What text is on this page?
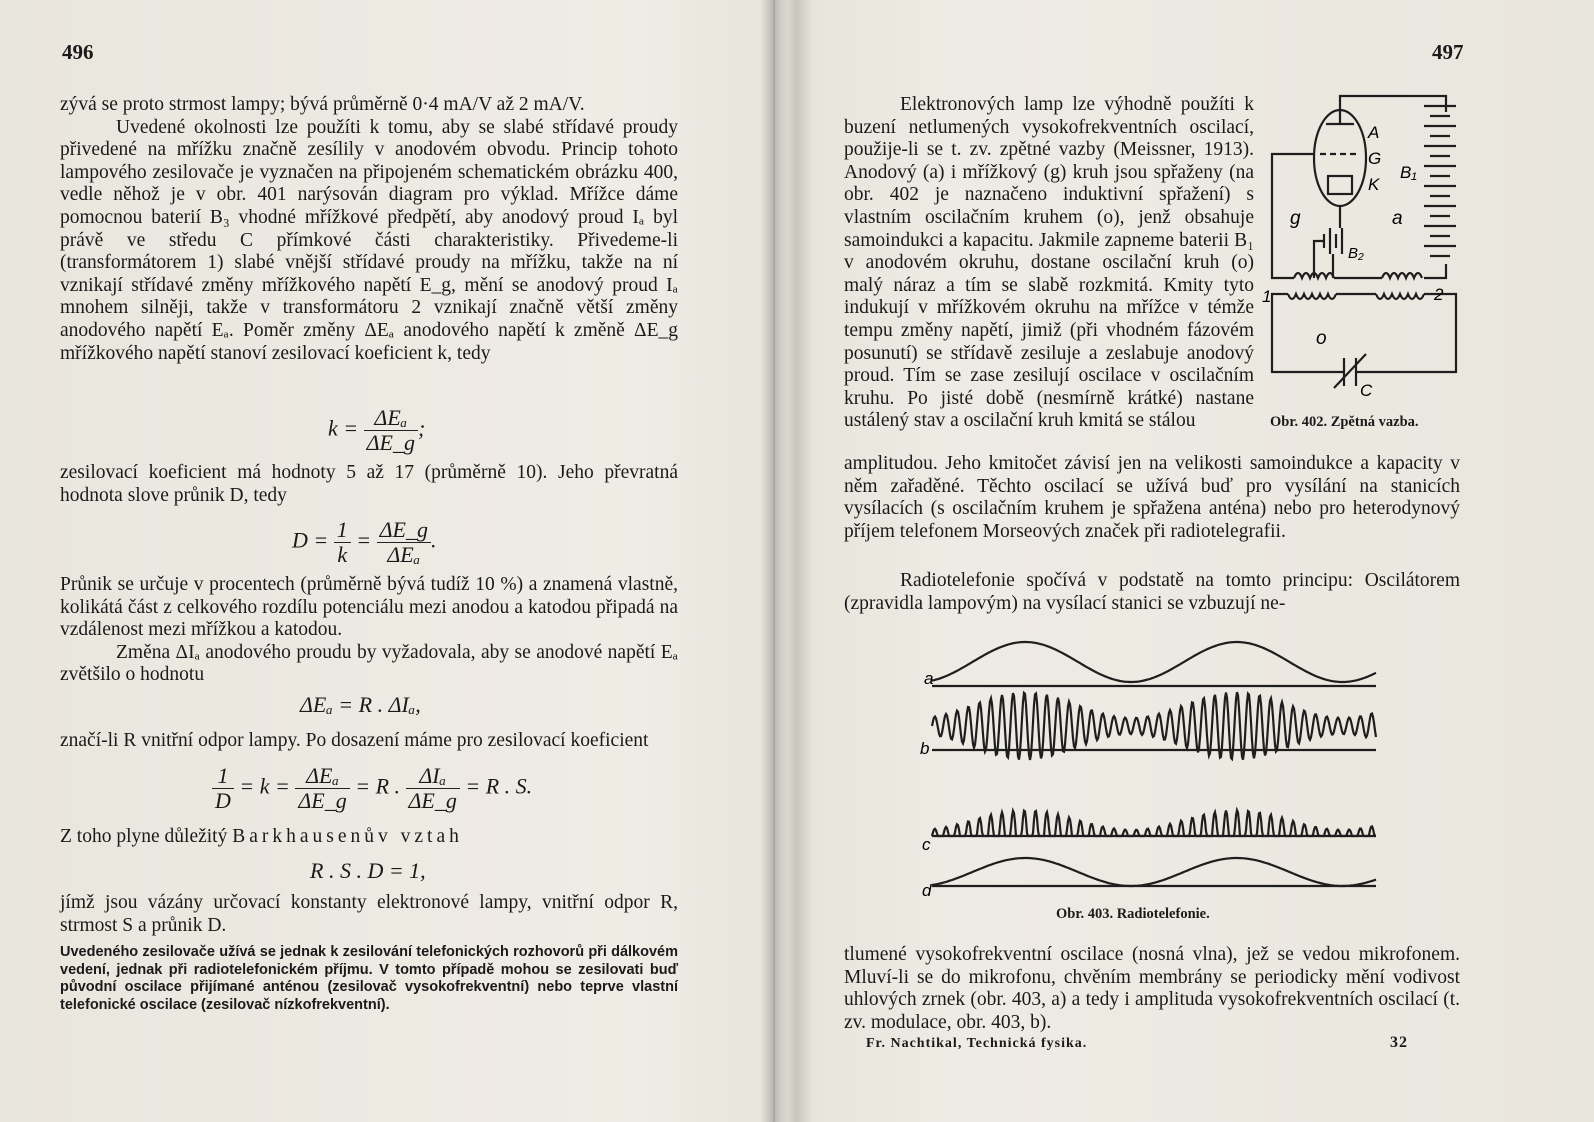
496

zývá se proto strmost lampy; bývá průměrně 0·4 mA/V až 2 mA/V.

Uvedené okolnosti lze použíti k tomu, aby se slabé střídavé proudy přivedené na mřížku značně zesílily v anodovém obvodu. Princip tohoto lampového zesilovače je vyznačen na připojeném schematickém obrázku 400, vedle něhož je v obr. 401 narýsován diagram pro výklad. Mřížce dáme pomocnou baterií B₃ vhodné mřížkové předpětí, aby anodový proud Iₐ byl právě ve středu C přímkové části charakteristiky. Přivedeme-li (transformátorem 1) slabé vnější střídavé proudy na mřížku, takže na ní vznikají střídavé změny mřížkového napětí E_g, mění se anodový proud Iₐ mnohem silněji, takže v transformátoru 2 vznikají značně větší změny anodového napětí Eₐ. Poměr změny ΔEₐ anodového napětí k změně ΔE_g mřížkového napětí stanoví zesilovací koeficient k, tedy

$k = \frac{\text{ΔEₐ}}{\Delta E\_g}$ ;
zesilovací koeficient má hodnoty 5 až 17 (průměrně 10). Jeho převratná hodnota slove průnik D, tedy
$D = \frac{1}{k} = \frac{\Delta E\_g}{\text{ΔEₐ}}$ .

Průnik se určuje v procentech (průměrně bývá tudíž 10 %) a znamená vlastně, kolikátá část z celkového rozdílu potenciálu mezi anodou a katodou připadá na vzdálenost mezi mřížkou a katodou.

Změna ΔIₐ anodového proudu by vyžadovala, aby se anodové napětí Eₐ zvětšilo o hodnotu

ΔEₐ = R . ΔIₐ,
značí-li R vnitřní odpor lampy. Po dosazení máme pro zesilovací koeficient
$\frac{1}{D} = k = \frac{\text{ΔEₐ}}{\Delta E\_g} = R$ . $\frac{\text{ΔIₐ}}{\Delta E\_g} = R$ . S.
Z toho plyne důležitý Barkhausenův vztah
R . S . D = 1,
jímž jsou vázány určovací konstanty elektronové lampy, vnitřní odpor R, strmost S a průnik D.
Uvedeného zesilovače užívá se jednak k zesilování telefonických rozhovorů při dálkovém vedení, jednak při radiotelefonickém příjmu. V tomto případě mohou se zesilovati buď původní oscilace přijímané anténou (zesilovač vysokofrekventní) nebo teprve vlastní telefonické oscilace (zesilovač nízkofrekventní).
497

Elektronových lamp lze výhodně použíti k buzení netlumených vysokofrekventních oscilací, použije-li se t. zv. zpětné vazby (Meissner, 1913). Anodový (a) i mřížkový (g) kruh jsou spřaženy (na obr. 402 je naznačeno induktivní spřažení) s vlastním oscilačním kruhem (o), jenž obsahuje samoindukci a kapacitu. Jakmile zapneme baterii B₁ v anodovém okruhu, dostane oscilační kruh (o) malý náraz a tím se slabě rozkmitá. Kmity tyto indukují v mřížkovém okruhu na mřížce v témže tempu změny napětí, jimiž (při vhodném fázovém posunutí) se střídavě zesiluje a zeslabuje anodový proud. Tím se zase zesilují oscilace v oscilačním kruhu. Po jisté době (nesmírně krátké) nastane ustálený stav a oscilační kruh kmitá se stálou

A
G
K
B₁
B₂
g	a
o
C
1	2
Obr. 402. Zpětná vazba.
amplitudou. Jeho kmitočet závisí jen na velikosti samoindukce a kapacity v něm zařaděné. Těchto oscilací se užívá buď pro vysílání na stanicích vysílacích (s oscilačním kruhem je spřažena anténa) nebo pro heterodynový příjem telefonem Morseových značek při radiotelegrafii.

Radiotelefonie spočívá v podstatě na tomto principu: Oscilátorem (zpravidla lampovým) na vysílací stanici se vzbuzují ne-

a
b
c
d
Obr. 403. Radiotelefonie.
tlumené vysokofrekventní oscilace (nosná vlna), jež se vedou mikrofonem. Mluví-li se do mikrofonu, chvěním membrány se periodicky mění vodivost uhlových zrnek (obr. 403, a) a tedy i amplituda vysokofrekventních oscilací (t. zv. modulace, obr. 403, b).
Fr. Nachtikal, Technická fysika.	32
